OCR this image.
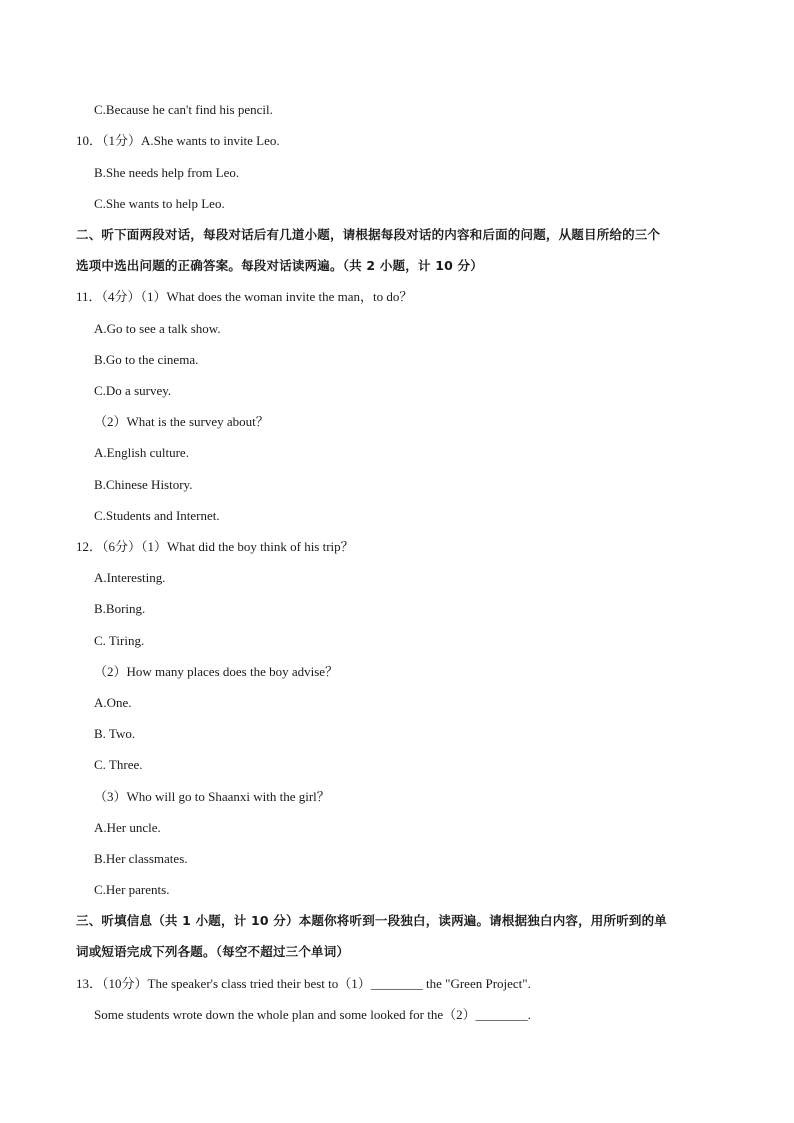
C.Because he can't find his pencil.
10．（1分）A.She wants to invite Leo.
B.She needs help from Leo.
C.She wants to help Leo.
二、听下面两段对话，每段对话后有几道小题，请根据每段对话的内容和后面的问题，从题目所给的三个
选项中选出问题的正确答案。每段对话读两遍。（共 2 小题，计 10 分）
11．（4分）（1）What does the woman invite the man，to do？
A.Go to see a talk show.
B.Go to the cinema.
C.Do a survey.
（2）What is the survey about？
A.English culture.
B.Chinese History.
C.Students and Internet.
12．（6分）（1）What did the boy think of his trip？
A.Interesting.
B.Boring.
C. Tiring.
（2）How many places does the boy advise？
A.One.
B. Two.
C. Three.
（3）Who will go to Shaanxi with the girl？
A.Her uncle.
B.Her classmates.
C.Her parents.
三、听填信息（共 1 小题，计 10 分）本题你将听到一段独白，读两遍。请根据独白内容，用所听到的单
词或短语完成下列各题。（每空不超过三个单词）
13．（10分）The speaker's class tried their best to（1）________ the "Green Project".
Some students wrote down the whole plan and some looked for the（2）________.
